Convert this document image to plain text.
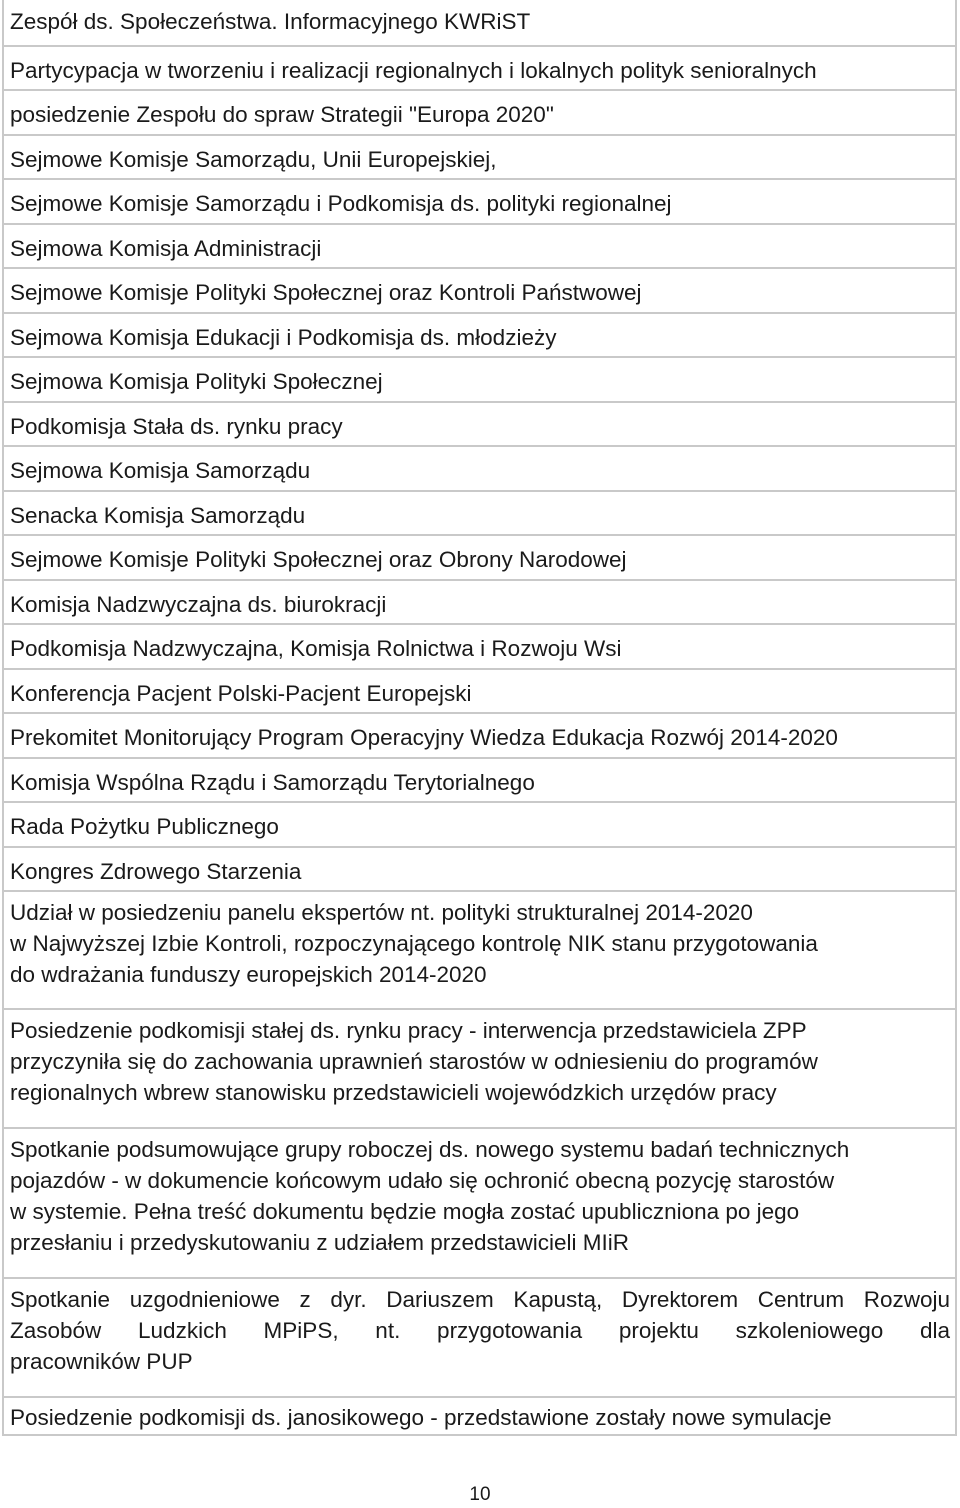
Zespół ds. Społeczeństwa. Informacyjnego KWRiST
Partycypacja w tworzeniu i realizacji regionalnych i lokalnych polityk senioralnych
posiedzenie Zespołu do spraw Strategii "Europa 2020"
Sejmowe Komisje Samorządu, Unii Europejskiej,
Sejmowe Komisje Samorządu i Podkomisja ds. polityki regionalnej
Sejmowa Komisja Administracji
Sejmowe Komisje Polityki Społecznej oraz Kontroli Państwowej
Sejmowa Komisja Edukacji i Podkomisja ds. młodzieży
Sejmowa Komisja Polityki Społecznej
Podkomisja Stała ds. rynku pracy
Sejmowa Komisja Samorządu
Senacka Komisja Samorządu
Sejmowe Komisje Polityki Społecznej oraz Obrony Narodowej
Komisja Nadzwyczajna ds. biurokracji
Podkomisja Nadzwyczajna, Komisja Rolnictwa i Rozwoju Wsi
Konferencja Pacjent Polski-Pacjent Europejski
Prekomitet Monitorujący Program Operacyjny Wiedza Edukacja Rozwój 2014-2020
Komisja Wspólna Rządu i Samorządu Terytorialnego
Rada Pożytku Publicznego
Kongres Zdrowego Starzenia
Udział w posiedzeniu panelu ekspertów nt. polityki strukturalnej 2014-2020
w Najwyższej Izbie Kontroli, rozpoczynającego kontrolę NIK stanu przygotowania
do wdrażania funduszy europejskich 2014-2020
Posiedzenie podkomisji stałej ds. rynku pracy - interwencja przedstawiciela ZPP
przyczyniła się do zachowania uprawnień starostów w odniesieniu do programów
regionalnych wbrew stanowisku przedstawicieli wojewódzkich urzędów pracy
Spotkanie podsumowujące grupy roboczej ds. nowego systemu badań technicznych
pojazdów - w dokumencie końcowym udało się ochronić obecną pozycję starostów
w systemie. Pełna treść dokumentu będzie mogła zostać upubliczniona po jego
przesłaniu i przedyskutowaniu z udziałem przedstawicieli MIiR
Spotkanie uzgodnieniowe z dyr. Dariuszem Kapustą, Dyrektorem Centrum Rozwoju
Zasobów Ludzkich MPiPS, nt. przygotowania projektu szkoleniowego dla
pracowników PUP
Posiedzenie podkomisji ds. janosikowego - przedstawione zostały nowe symulacje
10
